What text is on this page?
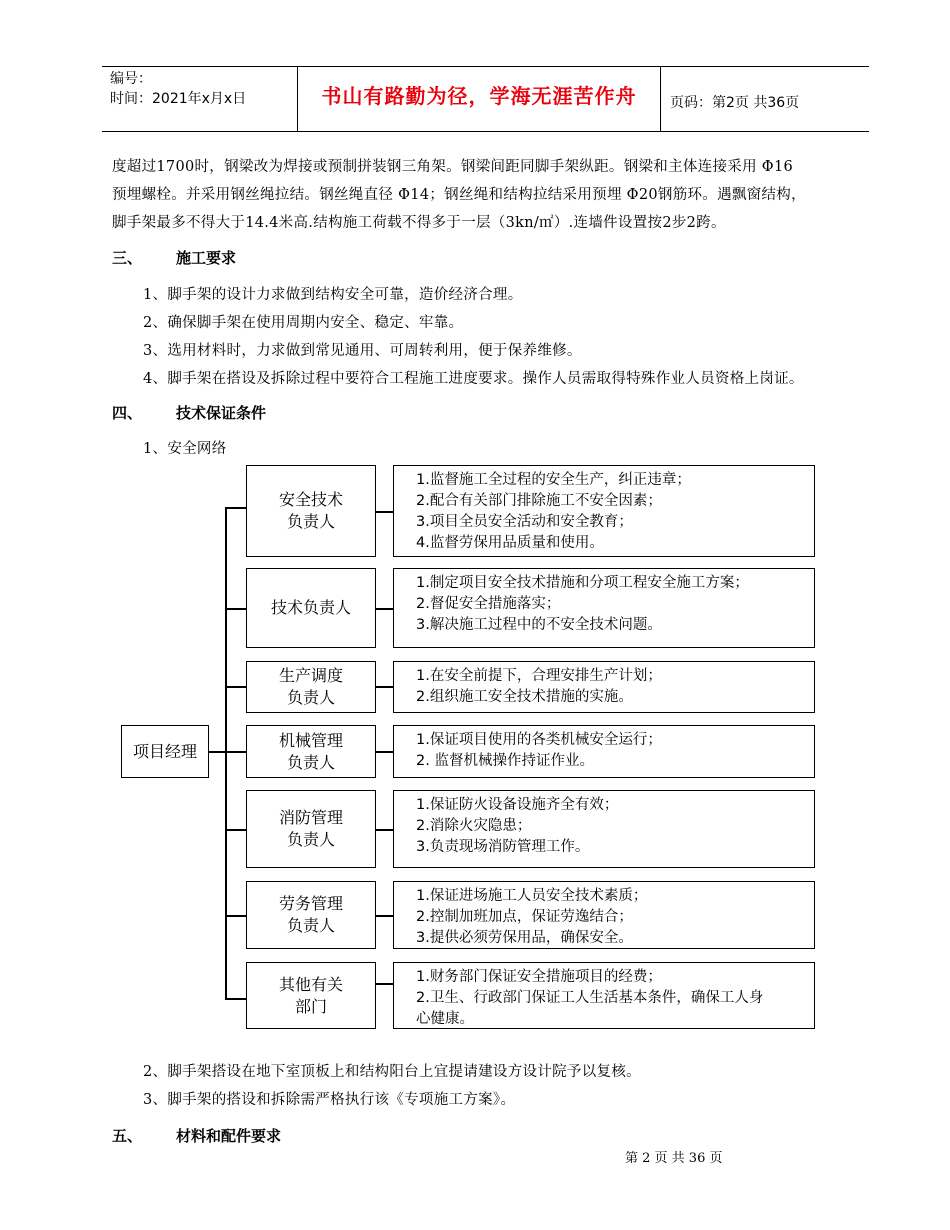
编号：
时间：2021年x月x日	书山有路勤为径，学海无涯苦作舟	页码：第2页 共36页
度超过1700时，钢梁改为焊接或预制拼装钢三角架。钢梁间距同脚手架纵距。钢梁和主体连接采用 Φ16
预埋螺栓。并采用钢丝绳拉结。钢丝绳直径 Φ14；钢丝绳和结构拉结采用预埋 Φ20钢筋环。遇飘窗结构，
脚手架最多不得大于14.4米高.结构施工荷载不得多于一层（3kn/㎡）.连墙件设置按2步2跨。
三、 施工要求
1、脚手架的设计力求做到结构安全可靠，造价经济合理。
2、确保脚手架在使用周期内安全、稳定、牢靠。
3、选用材料时，力求做到常见通用、可周转利用，便于保养维修。
4、脚手架在搭设及拆除过程中要符合工程施工进度要求。操作人员需取得特殊作业人员资格上岗证。
四、 技术保证条件
1、安全网络
项目经理
安全技术
负责人
1.监督施工全过程的安全生产，纠正违章；
2.配合有关部门排除施工不安全因素；
3.项目全员安全活动和安全教育；
4.监督劳保用品质量和使用。
技术负责人
1.制定项目安全技术措施和分项工程安全施工方案；
2.督促安全措施落实；
3.解决施工过程中的不安全技术问题。
生产调度
负责人
1.在安全前提下，合理安排生产计划；
2.组织施工安全技术措施的实施。
机械管理
负责人
1.保证项目使用的各类机械安全运行；
2. 监督机械操作持证作业。
消防管理
负责人
1.保证防火设备设施齐全有效；
2.消除火灾隐患；
3.负责现场消防管理工作。
劳务管理
负责人
1.保证进场施工人员安全技术素质；
2.控制加班加点，保证劳逸结合；
3.提供必须劳保用品，确保安全。
其他有关
部门
1.财务部门保证安全措施项目的经费；
2.卫生、行政部门保证工人生活基本条件，确保工人身
心健康。
2、脚手架搭设在地下室顶板上和结构阳台上宜提请建设方设计院予以复核。
3、脚手架的搭设和拆除需严格执行该《专项施工方案》。
五、 材料和配件要求
第 2 页 共 36 页
